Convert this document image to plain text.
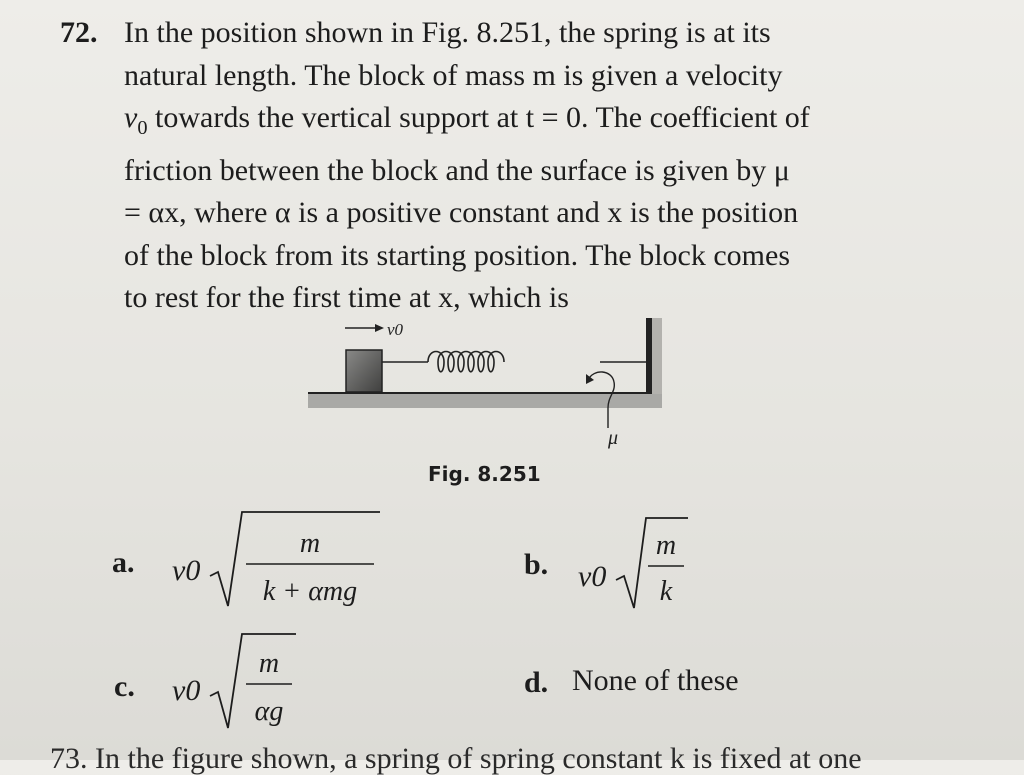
72. In the position shown in Fig. 8.251, the spring is at its
natural length. The block of mass m is given a velocity
$v_0$ towards the vertical support at t = 0. The coefficient of
friction between the block and the surface is given by μ
= αx, where α is a positive constant and x is the position
of the block from its starting position. The block comes
to rest for the first time at x, which is
v0
μ
Fig. 8.251
a. v0
m
k + αmg
b. v0
m
k
c. v0
m
αg
d. None of these
73. In the figure shown, a spring of spring constant k is fixed at one
